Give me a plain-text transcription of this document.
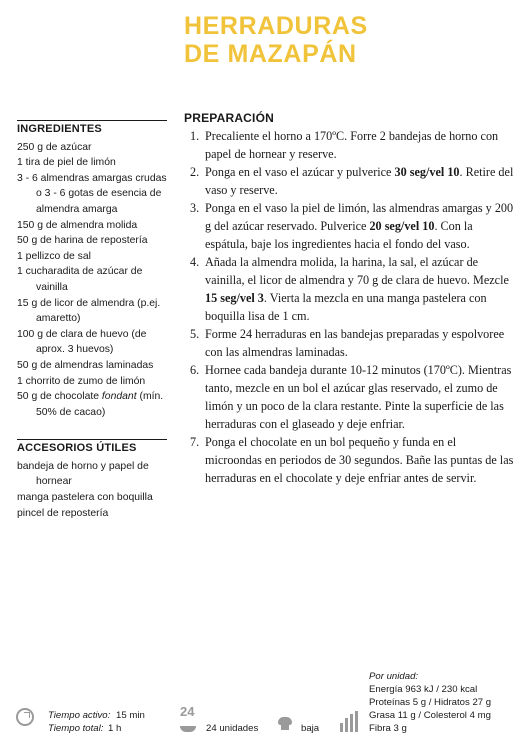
HERRADURAS
DE MAZAPÁN
INGREDIENTES
250 g de azúcar
1 tira de piel de limón
3 - 6 almendras amargas crudas o 3 - 6 gotas de esencia de almendra amarga
150 g de almendra molida
50 g de harina de repostería
1 pellizco de sal
1 cucharadita de azúcar de vainilla
15 g de licor de almendra (p.ej. amaretto)
100 g de clara de huevo (de aprox. 3 huevos)
50 g de almendras laminadas
1 chorrito de zumo de limón
50 g de chocolate fondant (mín. 50% de cacao)
ACCESORIOS ÚTILES
bandeja de horno y papel de hornear
manga pastelera con boquilla
pincel de repostería
PREPARACIÓN
1. Precaliente el horno a 170ºC. Forre 2 bandejas de horno con papel de hornear y reserve.
2. Ponga en el vaso el azúcar y pulverice 30 seg/vel 10. Retire del vaso y reserve.
3. Ponga en el vaso la piel de limón, las almendras amargas y 200 g del azúcar reservado. Pulverice 20 seg/vel 10. Con la espátula, baje los ingredientes hacia el fondo del vaso.
4. Añada la almendra molida, la harina, la sal, el azúcar de vainilla, el licor de almendra y 70 g de clara de huevo. Mezcle 15 seg/vel 3. Vierta la mezcla en una manga pastelera con boquilla lisa de 1 cm.
5. Forme 24 herraduras en las bandejas preparadas y espolvoree con las almendras laminadas.
6. Hornee cada bandeja durante 10-12 minutos (170ºC). Mientras tanto, mezcle en un bol el azúcar glas reservado, el zumo de limón y un poco de la clara restante. Pinte la superficie de las herraduras con el glaseado y deje enfriar.
7. Ponga el chocolate en un bol pequeño y funda en el microondas en periodos de 30 segundos. Bañe las puntas de las herraduras en el chocolate y deje enfriar antes de servir.
Tiempo activo: 15 min
Tiempo total: 1 h
24
24 unidades	baja
Por unidad:
Energía 963 kJ / 230 kcal
Proteínas 5 g / Hidratos 27 g
Grasa 11 g / Colesterol 4 mg
Fibra 3 g
